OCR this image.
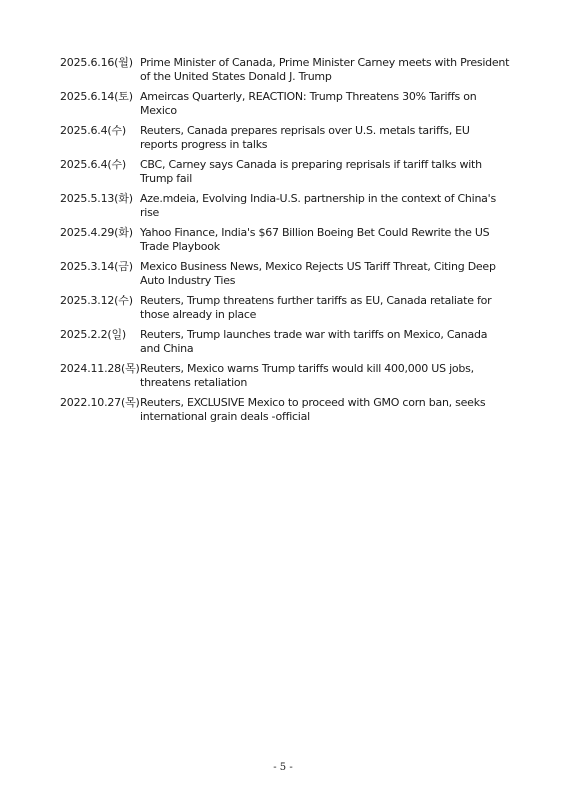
2025.6.16(월) Prime Minister of Canada, Prime Minister Carney meets with President of the United States Donald J. Trump
2025.6.14(토) Ameircas Quarterly, REACTION: Trump Threatens 30% Tariffs on Mexico
2025.6.4(수)	Reuters, Canada prepares reprisals over U.S. metals tariffs, EU reports progress in talks
2025.6.4(수)	CBC, Carney says Canada is preparing reprisals if tariff talks with Trump fail
2025.5.13(화) Aze.mdeia, Evolving India-U.S. partnership in the context of China's rise
2025.4.29(화) Yahoo Finance, India's $67 Billion Boeing Bet Could Rewrite the US Trade Playbook
2025.3.14(금) Mexico Business News, Mexico Rejects US Tariff Threat, Citing Deep Auto Industry Ties
2025.3.12(수) Reuters, Trump threatens further tariffs as EU, Canada retaliate for those already in place
2025.2.2(일)	Reuters, Trump launches trade war with tariffs on Mexico, Canada and China
2024.11.28(목) Reuters, Mexico warns Trump tariffs would kill 400,000 US jobs, threatens retaliation
2022.10.27(목) Reuters, EXCLUSIVE Mexico to proceed with GMO corn ban, seeks international grain deals -official
- 5 -
